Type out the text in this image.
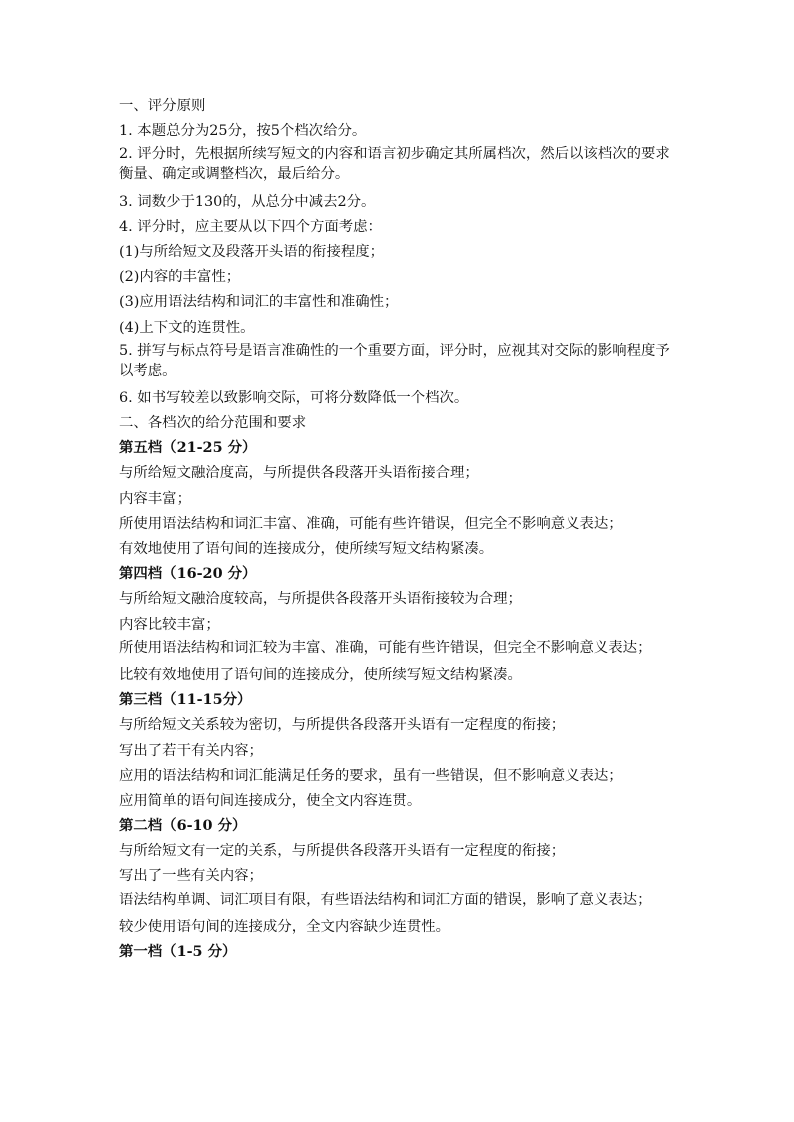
一、评分原则
1. 本题总分为25分，按5个档次给分。
2. 评分时，先根据所续写短文的内容和语言初步确定其所属档次，然后以该档次的要求衡量、确定或调整档次，最后给分。
3. 词数少于130的，从总分中减去2分。
4. 评分时，应主要从以下四个方面考虑：
(1)与所给短文及段落开头语的衔接程度；
(2)内容的丰富性；
(3)应用语法结构和词汇的丰富性和准确性；
(4)上下文的连贯性。
5. 拼写与标点符号是语言准确性的一个重要方面，评分时，应视其对交际的影响程度予以考虑。
6. 如书写较差以致影响交际，可将分数降低一个档次。
二、各档次的给分范围和要求
第五档（21-25 分）
与所给短文融洽度高，与所提供各段落开头语衔接合理；
内容丰富；
所使用语法结构和词汇丰富、准确，可能有些许错误，但完全不影响意义表达；
有效地使用了语句间的连接成分，使所续写短文结构紧凑。
第四档（16-20 分）
与所给短文融洽度较高，与所提供各段落开头语衔接较为合理；
内容比较丰富；
所使用语法结构和词汇较为丰富、准确，可能有些许错误，但完全不影响意义表达；
比较有效地使用了语句间的连接成分，使所续写短文结构紧凑。
第三档（11-15分）
与所给短文关系较为密切，与所提供各段落开头语有一定程度的衔接；
写出了若干有关内容；
应用的语法结构和词汇能满足任务的要求，虽有一些错误，但不影响意义表达；
应用简单的语句间连接成分，使全文内容连贯。
第二档（6-10 分）
与所给短文有一定的关系，与所提供各段落开头语有一定程度的衔接；
写出了一些有关内容；
语法结构单调、词汇项目有限，有些语法结构和词汇方面的错误，影响了意义表达；
较少使用语句间的连接成分，全文内容缺少连贯性。
第一档（1-5 分）
